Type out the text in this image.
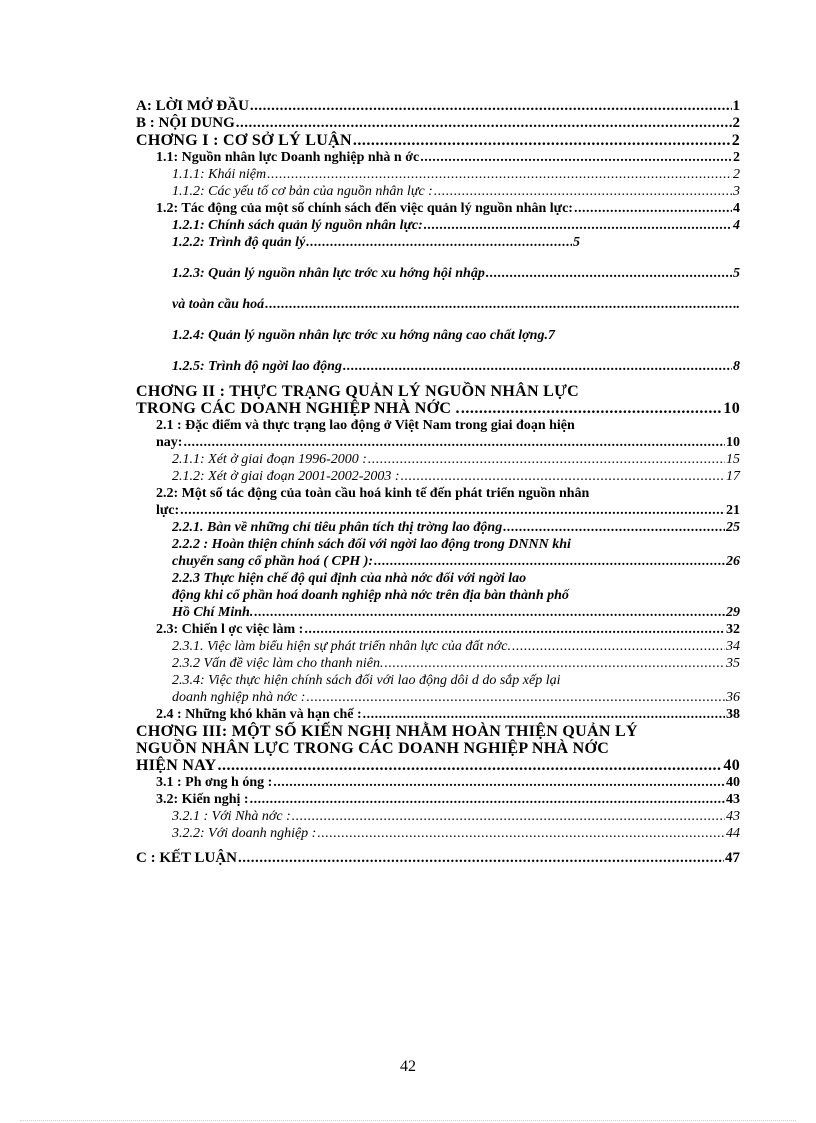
A: LỜI MỞ ĐẦU .....	1
B : NỘI DUNG .....	2
CHƠNG I : CƠ SỞ LÝ LUẬN .....	2
1.1: Nguồn nhân lực Doanh nghiệp nhà n ớc .....	2
1.1.1: Khái niệm .....	2
1.1.2: Các yếu tố cơ bản của nguồn nhân lực : .....	3
1.2: Tác động của một số chính sách đến việc quản lý nguồn nhân lực: .....	4
1.2.1: Chính sách quản lý nguồn nhân lực: .....	4
1.2.2: Trình độ quản lý .....	5
1.2.3: Quản lý nguồn nhân lực trớc xu hớng hội nhập .....	5
và toàn cầu hoá .....	.
1.2.4: Quản lý nguồn nhân lực trớc xu hớng nâng cao chất lợng .7
1.2.5: Trình độ ngời lao động .....	8
CHƠNG II : THỰC TRẠNG QUẢN LÝ NGUỒN NHÂN LỰC
TRONG CÁC DOANH NGHIỆP NHÀ NỚC . .....	10
2.1 : Đặc điểm và thực trạng lao động ở Việt Nam trong giai đoạn hiện
nay: .....	10
2.1.1: Xét ở giai đoạn 1996-2000 : .....	15
2.1.2: Xét ở giai đoạn 2001-2002-2003 : .....	17
2.2: Một số tác động của toàn cầu hoá kinh tế đến phát triển nguồn nhân
lực: .....	21
2.2.1. Bàn về những chỉ tiêu phân tích thị trờng lao động .....	25
2.2.2 : Hoàn thiện chính sách đối với ngời lao động trong DNNN khi
chuyển sang cổ phần hoá ( CPH ): .....	26
2.2.3 Thực hiện chế độ qui định của nhà nớc đối với ngời lao
động khi cổ phần hoá doanh nghiệp nhà nớc trên địa bàn thành phố
Hồ Chí Minh. .....	29
2.3: Chiến l ợc việc làm : .....	32
2.3.1. Việc làm biểu hiện sự phát triển nhân lực của đất nớc. .....	34
2.3.2 Vấn đề việc làm cho thanh niên. .....	35
2.3.4: Việc thực hiện chính sách đối với lao động dôi d do sắp xếp lại
doanh nghiệp nhà nớc : .....	36
2.4 : Những khó khăn và hạn chế : .....	38
CHƠNG III: MỘT SỐ KIẾN NGHỊ NHẰM HOÀN THIỆN QUẢN LÝ
NGUỒN NHÂN LỰC TRONG CÁC DOANH NGHIỆP NHÀ NỚC
HIỆN NAY .....	40
3.1 : Ph ơng h óng : .....	40
3.2: Kiến nghị : .....	43
3.2.1 : Với Nhà nớc : .....	43
3.2.2: Với doanh nghiệp : .....	44
C : KẾT LUẬN .....	47
42
